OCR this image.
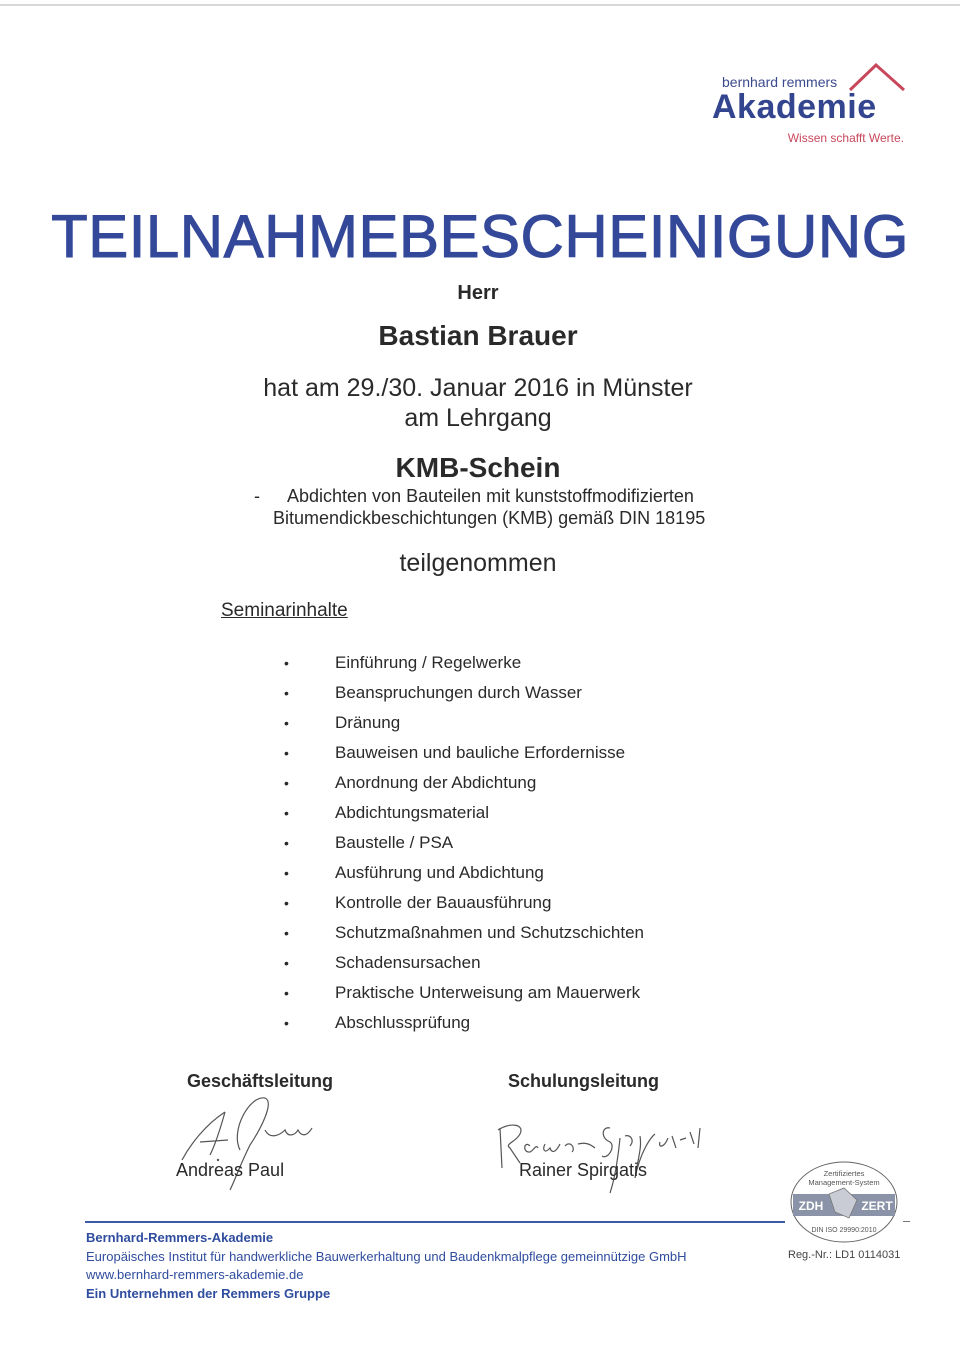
bernhard remmers
Akademie
Wissen schafft Werte.
TEILNAHMEBESCHEINIGUNG
Herr
Bastian Brauer
hat am 29./30. Januar 2016 in Münster
am Lehrgang
KMB-Schein
- Abdichten von Bauteilen mit kunststoffmodifizierten
Bitumendickbeschichtungen (KMB) gemäß DIN 18195
teilgenommen
Seminarinhalte
•	Einführung / Regelwerke
•	Beanspruchungen durch Wasser
•	Dränung
•	Bauweisen und bauliche Erfordernisse
•	Anordnung der Abdichtung
•	Abdichtungsmaterial
•	Baustelle / PSA
•	Ausführung und Abdichtung
•	Kontrolle der Bauausführung
•	Schutzmaßnahmen und Schutzschichten
•	Schadensursachen
•	Praktische Unterweisung am Mauerwerk
•	Abschlussprüfung
Geschäftsleitung	Schulungsleitung
Andreas Paul	Rainer Spirgatis
Bernhard-Remmers-Akademie
Europäisches Institut für handwerkliche Bauwerkerhaltung und Baudenkmalpflege gemeinnützige GmbH
www.bernhard-remmers-akademie.de
Ein Unternehmen der Remmers Gruppe
Zertifiziertes
Management-System
ZDH	ZERT
DIN ISO 29990:2010
Reg.-Nr.: LD1 0114031
